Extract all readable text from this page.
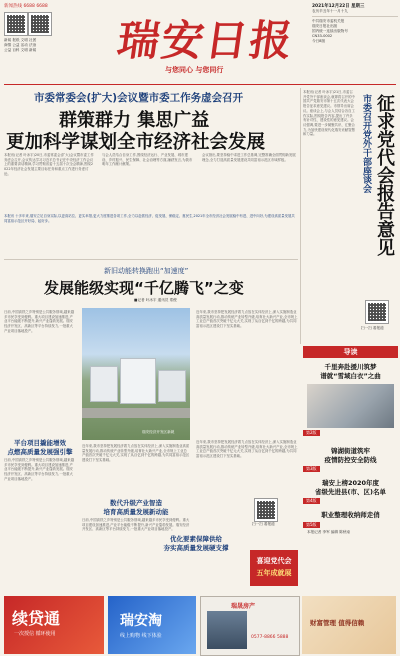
新闻热线 6688 6688
新闻 报纸 文明 社团
商情 公益 活动 法治
公益 百科 文明 新闻	瑞安日报
与您同心 与您同行
2021年12月22日 星期三
农历辛丑年十一月十九
中共瑞安市委机关报
瑞安日报社出版
国内统一连续出版物号
CN33-0002
今日8版
市委常委会(扩大)会议暨市委工作务虚会召开
群策群力 集思广益
更加科学谋划全市经济社会发展
本报讯(记者 叶冰宇)20日,市委常委会(扩大)会议暨市委工作务虚会召开,会议传达学习习近平总书记在中央经济工作会议上的重要讲话精神,学习贯彻省委十五届十次全会精神,围绕2022年经济社会发展主要目标任务和重点工作进行务虚讨论。
与会人员结合自身工作,围绕经济运行、产业发展、城市建设、乡村振兴、民生保障、社会治理等方面,踊跃发言,为我市明年工作献计献策。
会议指出,要坚持稳中求进工作总基调,完整准确全面贯彻新发展理念,全力打造高质量发展建设共同富裕示范区市域样板。
本报讯 十多年来,瑞安立足自身实际,以更高站位、更实举措,更大力度推进各项工作,全力以赴抓经济、促发展、保稳定、惠民生,2021年全市经济社会发展稳中有进、进中向好,为建设高质量发展共同富裕示范区开好局、起好步。
本报讯(记者 叶冰宇)21日,市委召开党外干部座谈会,就即将召开的中国共产党瑞安市第十五次代表大会报告征求意见建议。市领导出席会议。座谈会上,与会人员结合各自工作实际,围绕报告内容,提出了许多有针对性、建设性的意见建议。会议强调,要进一步凝聚共识、汇聚合力,为加快建设现代化瑞安贡献智慧和力量。	市委召开党外干部座谈会 征求党代会报告意见
扫一扫 看报道
新旧动能转换跑出“加速度”
发展能级实现“千亿腾飞”之变
■记者 叶冰宇 通讯员 郑俊
日前,中国高铁之乡特别是公共服务领域,越来越多市民享受到便利。重大项目建设加速推进,产业平台能级不断提升,新兴产业蓬勃发展。瑞安经济开发区、高新区等平台持续发力,一批重大产业项目落地投产。
瑞安经济开发区新貌
近年来,我市坚持把发展经济着力点放在实体经济上,深入实施制造业高质量发展行动,推动传统产业转型升级,培育壮大新兴产业,全市规上工业总产值首次突破千亿元大关,实现了从百亿到千亿的跨越,为共同富裕示范区建设打下坚实基础。
平台项目撬能增效
点燃高质量发展强引擎
日前,中国高铁之乡特别是公共服务领域,越来越多市民享受到便利。重大项目建设加速推进,产业平台能级不断提升,新兴产业蓬勃发展。瑞安经济开发区、高新区等平台持续发力,一批重大产业项目落地投产。
数代升级产业智造
培育高质量发展新动能
近年来,我市坚持把发展经济着力点放在实体经济上,深入实施制造业高质量发展行动,推动传统产业转型升级,培育壮大新兴产业,全市规上工业总产值首次突破千亿元大关,实现了从百亿到千亿的跨越,为共同富裕示范区建设打下坚实基础。
日前,中国高铁之乡特别是公共服务领域,越来越多市民享受到便利。重大项目建设加速推进,产业平台能级不断提升,新兴产业蓬勃发展。瑞安经济开发区、高新区等平台持续发力,一批重大产业项目落地投产。
近年来,我市坚持把发展经济着力点放在实体经济上,深入实施制造业高质量发展行动,推动传统产业转型升级,培育壮大新兴产业,全市规上工业总产值首次突破千亿元大关,实现了从百亿到千亿的跨越,为共同富裕示范区建设打下坚实基础。
扫一扫 看报道
优化要素保障供给
夯实高质量发展硬支撑
喜迎党代会
五年成就展
导读
千里奔赴援川筑梦
谱就“雪域白衣”之曲
第2版
锦湖街道筑牢
疫情防控安全防线
第3版
瑞安上榜2020年度
省级先进县(市、区)名单
第4版
职业整理收纳师走俏
第5版
本报记者 李军 编辑 陈秋南
续贷通
一次授信 循环使用
瑞安淘
线上购物 线下体验
瑞晟房产
0577-8866 5888
财富管理 值得信赖
